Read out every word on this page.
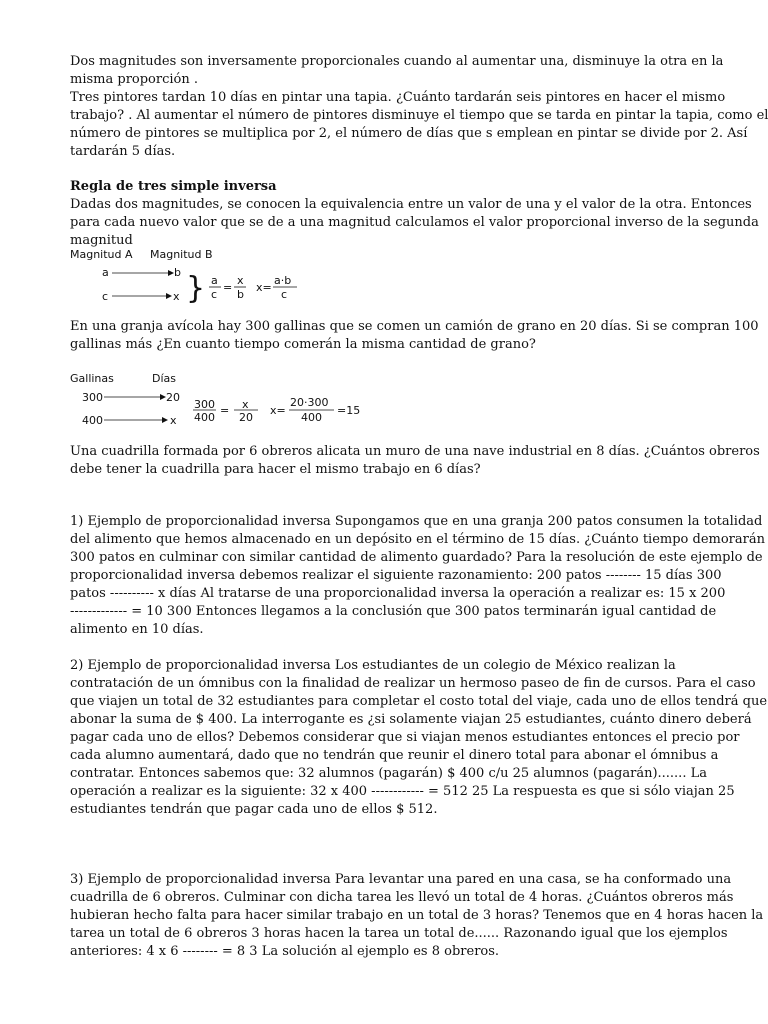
Dos magnitudes son inversamente proporcionales cuando al aumentar una, disminuye la otra en la
misma proporción .
Tres pintores tardan 10 días en pintar una tapia. ¿Cuánto tardarán seis pintores en hacer el mismo
trabajo? . Al aumentar el número de pintores disminuye el tiempo que se tarda en pintar la tapia, como el
número de pintores se multiplica por 2, el número de días que s emplean en pintar se divide por 2. Así
tardarán 5 días.
Regla de tres simple inversa
Dadas dos magnitudes, se conocen la equivalencia entre un valor de una y el valor de la otra. Entonces
para cada nuevo valor que se de a una magnitud calculamos el valor proporcional inverso de la segunda
magnitud
Magnitud A Magnitud B
a	b
c	x } a
c
=
x
b
x=
a·b
c
En una granja avícola hay 300 gallinas que se comen un camión de grano en 20 días. Si se compran 100
gallinas más ¿En cuanto tiempo comerán la misma cantidad de grano?
Gallinas	Días
300	20
400	x
300
400
= x
20
x=
20·300
400
=15
Una cuadrilla formada por 6 obreros alicata un muro de una nave industrial en 8 días. ¿Cuántos obreros
debe tener la cuadrilla para hacer el mismo trabajo en 6 días?
1) Ejemplo de proporcionalidad inversa Supongamos que en una granja 200 patos consumen la totalidad
del alimento que hemos almacenado en un depósito en el término de 15 días. ¿Cuánto tiempo demorarán
300 patos en culminar con similar cantidad de alimento guardado? Para la resolución de este ejemplo de
proporcionalidad inversa debemos realizar el siguiente razonamiento: 200 patos -------- 15 días 300
patos ---------- x días Al tratarse de una proporcionalidad inversa la operación a realizar es: 15 x 200
------------- = 10 300 Entonces llegamos a la conclusión que 300 patos terminarán igual cantidad de
alimento en 10 días.
2) Ejemplo de proporcionalidad inversa Los estudiantes de un colegio de México realizan la
contratación de un ómnibus con la finalidad de realizar un hermoso paseo de fin de cursos. Para el caso
que viajen un total de 32 estudiantes para completar el costo total del viaje, cada uno de ellos tendrá que
abonar la suma de $ 400. La interrogante es ¿si solamente viajan 25 estudiantes, cuánto dinero deberá
pagar cada uno de ellos? Debemos considerar que si viajan menos estudiantes entonces el precio por
cada alumno aumentará, dado que no tendrán que reunir el dinero total para abonar el ómnibus a
contratar. Entonces sabemos que: 32 alumnos (pagarán) $ 400 c/u 25 alumnos (pagarán)....... La
operación a realizar es la siguiente: 32 x 400 ------------ = 512 25 La respuesta es que si sólo viajan 25
estudiantes tendrán que pagar cada uno de ellos $ 512.
3) Ejemplo de proporcionalidad inversa Para levantar una pared en una casa, se ha conformado una
cuadrilla de 6 obreros. Culminar con dicha tarea les llevó un total de 4 horas. ¿Cuántos obreros más
hubieran hecho falta para hacer similar trabajo en un total de 3 horas? Tenemos que en 4 horas hacen la
tarea un total de 6 obreros 3 horas hacen la tarea un total de...... Razonando igual que los ejemplos
anteriores: 4 x 6 -------- = 8 3 La solución al ejemplo es 8 obreros.
